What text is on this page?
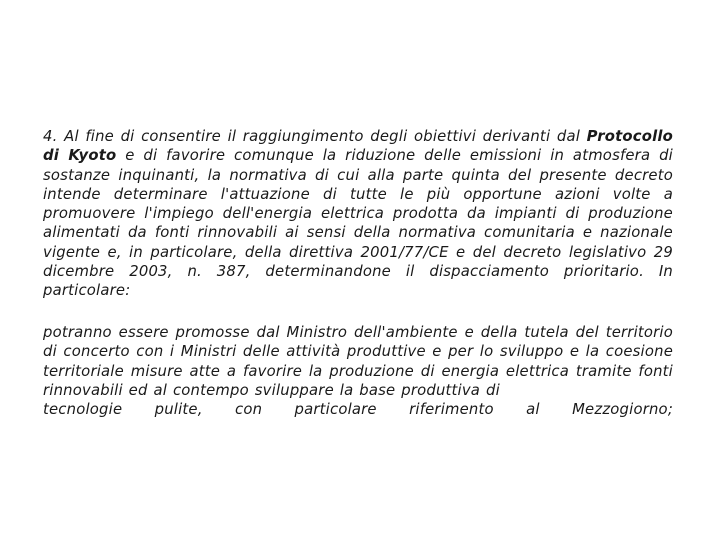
4. Al fine di consentire il raggiungimento degli obiettivi derivanti dal Protocollo di Kyoto e di favorire comunque la riduzione delle emissioni in atmosfera di sostanze inquinanti, la normativa di cui alla parte quinta del presente decreto intende determinare l'attuazione di tutte le più opportune azioni volte a promuovere l'impiego dell'energia elettrica prodotta da impianti di produzione alimentati da fonti rinnovabili ai sensi della normativa comunitaria e nazionale vigente e, in particolare, della direttiva 2001/77/CE e del decreto legislativo 29 dicembre 2003, n. 387, determinandone il dispacciamento prioritario. In particolare:

potranno essere promosse dal Ministro dell'ambiente e della tutela del territorio di concerto con i Ministri delle attività produttive e per lo sviluppo e la coesione territoriale misure atte a favorire la produzione di energia elettrica tramite fonti rinnovabili ed al contempo sviluppare la base produttiva di
tecnologie pulite, con particolare riferimento al Mezzogiorno;
